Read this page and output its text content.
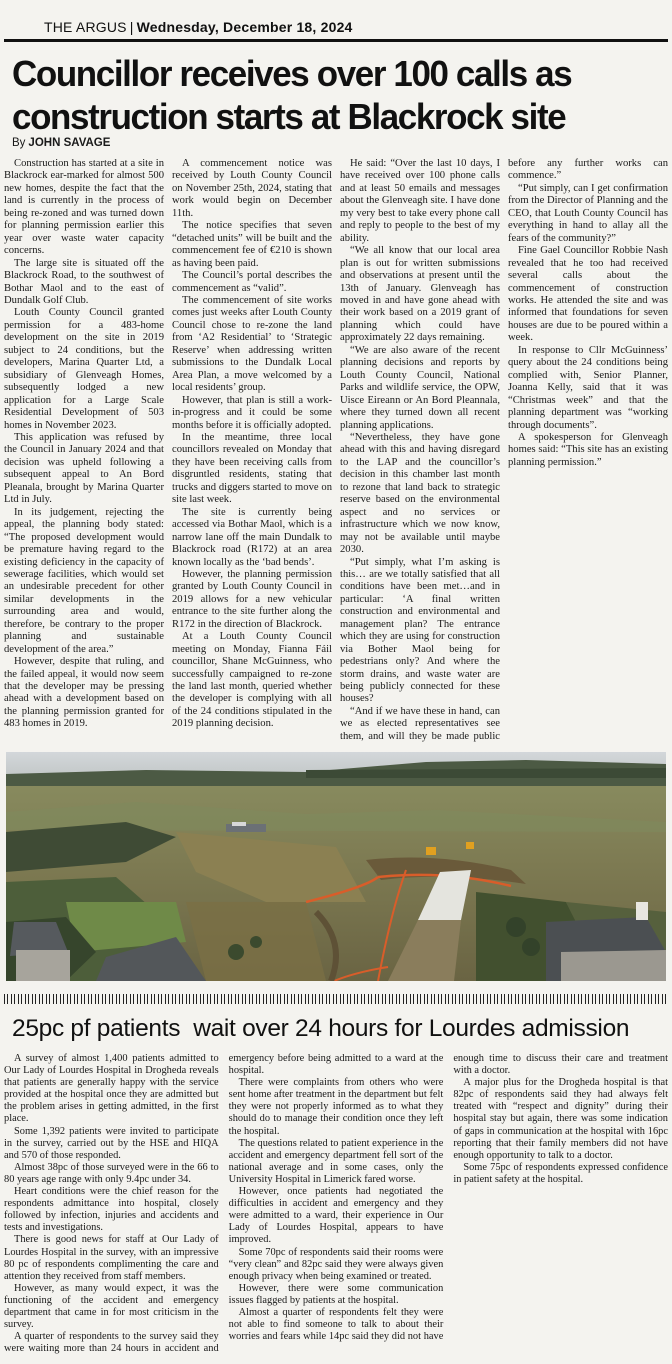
THE ARGUS | Wednesday, December 18, 2024
Councillor receives over 100 calls as construction starts at Blackrock site
By JOHN SAVAGE

Construction has started at a site in Blackrock ear-marked for almost 500 new homes, despite the fact that the land is currently in the process of being re-zoned and was turned down for planning permission earlier this year over waste water capacity concerns.

The large site is situated off the Blackrock Road, to the southwest of Bothar Maol and to the east of Dundalk Golf Club.

Louth County Council granted permission for a 483-home development on the site in 2019 subject to 24 conditions, but the developers, Marina Quarter Ltd, a subsidiary of Glenveagh Homes, subsequently lodged a new application for a Large Scale Residential Development of 503 homes in November 2023.

This application was refused by the Council in January 2024 and that decision was upheld following a subsequent appeal to An Bord Pleanala, brought by Marina Quarter Ltd in July.

In its judgement, rejecting the appeal, the planning body stated: “The proposed development would be premature having regard to the existing deficiency in the capacity of sewerage facilities, which would set an undesirable precedent for other similar developments in the surrounding area and would, therefore, be contrary to the proper planning and sustainable development of the area.”

However, despite that ruling, and the failed appeal, it would now seem that the developer may be pressing ahead with a development based on the planning permission granted for 483 homes in 2019.

A commencement notice was received by Louth County Council on November 25th, 2024, stating that work would begin on December 11th.

The notice specifies that seven “detached units” will be built and the commencement fee of €210 is shown as having been paid.

The Council’s portal describes the commencement as “valid”.

The commencement of site works comes just weeks after Louth County Council chose to re-zone the land from ‘A2 Residential’ to ‘Strategic Reserve’ when addressing written submissions to the Dundalk Local Area Plan, a move welcomed by a local residents’ group.

However, that plan is still a work-in-progress and it could be some months before it is officially adopted.

In the meantime, three local councillors revealed on Monday that they have been receiving calls from disgruntled residents, stating that trucks and diggers started to move on site last week.

The site is currently being accessed via Bothar Maol, which is a narrow lane off the main Dundalk to Blackrock road (R172) at an area known locally as the ‘bad bends’.

However, the planning permission granted by Louth County Council in 2019 allows for a new vehicular entrance to the site further along the R172 in the direction of Blackrock.

At a Louth County Council meeting on Monday, Fianna Fáil councillor, Shane McGuinness, who successfully campaigned to re-zone the land last month, queried whether the developer is complying with all of the 24 conditions stipulated in the 2019 planning decision.

He said: “Over the last 10 days, I have received over 100 phone calls and at least 50 emails and messages about the Glenveagh site. I have done my very best to take every phone call and reply to people to the best of my ability.

“We all know that our local area plan is out for written submissions and observations at present until the 13th of January. Glenveagh has moved in and have gone ahead with their work based on a 2019 grant of planning which could have approximately 22 days remaining.

“We are also aware of the recent planning decisions and reports by Louth County Council, National Parks and wildlife service, the OPW, Uisce Eireann or An Bord Pleannala, where they turned down all recent planning applications.

“Nevertheless, they have gone ahead with this and having disregard to the LAP and the councillor’s decision in this chamber last month to rezone that land back to strategic reserve based on the environmental aspect and no services or infrastructure which we now know, may not be available until maybe 2030.

“Put simply, what I’m asking is this… are we totally satisfied that all conditions have been met…and in particular: ‘A final written construction and environmental and management plan? The entrance which they are using for construction via Bother Maol being for pedestrians only? And where the storm drains, and waste water are being publicly connected for these houses?

“And if we have these in hand, can we as elected representatives see them, and will they be made public before any further works can commence.”

“Put simply, can I get confirmation from the Director of Planning and the CEO, that Louth County Council has everything in hand to allay all the fears of the community?”

Fine Gael Councillor Robbie Nash revealed that he too had received several calls about the commencement of construction works. He attended the site and was informed that foundations for seven houses are due to be poured within a week.

In response to Cllr McGuinness’ query about the 24 conditions being complied with, Senior Planner, Joanna Kelly, said that it was “Christmas week” and that the planning department was “working through documents”.

A spokesperson for Glenveagh homes said: “This site has an existing planning permission.”

25pc pf patients  wait over 24 hours for Lourdes admission

A survey of almost 1,400 patients admitted to Our Lady of Lourdes Hospital in Drogheda reveals that patients are generally happy with the service provided at the hospital once they are admitted but the problem arises in getting admitted, in the first place.

Some 1,392 patients were invited to participate in the survey, carried out by the HSE and HIQA and 570 of those responded.

Almost 38pc of those surveyed were in the 66 to 80 years age range with only 9.4pc under 34.

Heart conditions were the chief reason for the respondents admittance into hospital, closely followed by infection, injuries and accidents and tests and investigations.

There is good news for staff at Our Lady of Lourdes Hospital in the survey, with an impressive 80 pc of respondents complimenting the care and attention they received from staff members.

However, as many would expect, it was the functioning of the accident and emergency department that came in for most criticism in the survey.

A quarter of respondents to the survey said they were waiting more than 24 hours in accident and emergency before being admitted to a ward at the hospital.

There were complaints from others who were sent home after treatment in the department but felt they were not properly informed as to what they should do to manage their condition once they left the hospital.

The questions related to patient experience in the accident and emergency department fell sort of the national average and in some cases, only the University Hospital in Limerick fared worse.

However, once patients had negotiated the difficulties in accident and emergency and they were admitted to a ward, their experience in Our Lady of Lourdes Hospital, appears to have improved.

Some 70pc of respondents said their rooms were “very clean” and 82pc said they were always given enough privacy when being examined or treated.

However, there were some communication issues flagged by patients at the hospital.

Almost a quarter of respondents felt they were not able to find someone to talk to about their worries and fears while 14pc said they did not have enough time to discuss their care and treatment with a doctor.

A major plus for the Drogheda hospital is that 82pc of respondents said they had always felt treated with “respect and dignity” during their hospital stay but again, there was some indication of gaps in communication at the hospital with 16pc reporting that their family members did not have enough opportunity to talk to a doctor.

Some 75pc of respondents expressed confidence in patient safety at the hospital.
